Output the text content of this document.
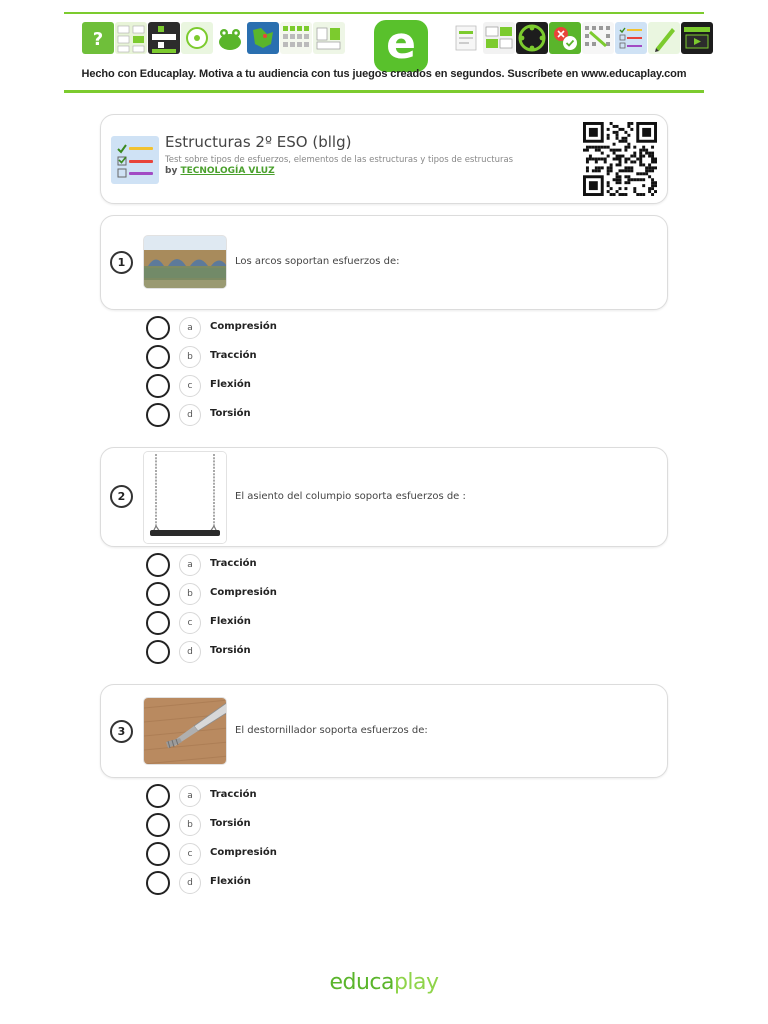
?	e
Hecho con Educaplay. Motiva a tu audiencia con tus juegos creados en segundos. Suscríbete en www.educaplay.com
Estructuras 2º ESO (bllg)
Test sobre tipos de esfuerzos, elementos de las estructuras y tipos de estructuras
by TECNOLOGÍA VLUZ
1	Los arcos soportan esfuerzos de:
a	Compresión
b	Tracción
c	Flexión
d	Torsión
2	El asiento del columpio soporta esfuerzos de :
a	Tracción
b	Compresión
c	Flexión
d	Torsión
3	El destornillador soporta esfuerzos de:
a	Tracción
b	Torsión
c	Compresión
d	Flexión
educaplay
